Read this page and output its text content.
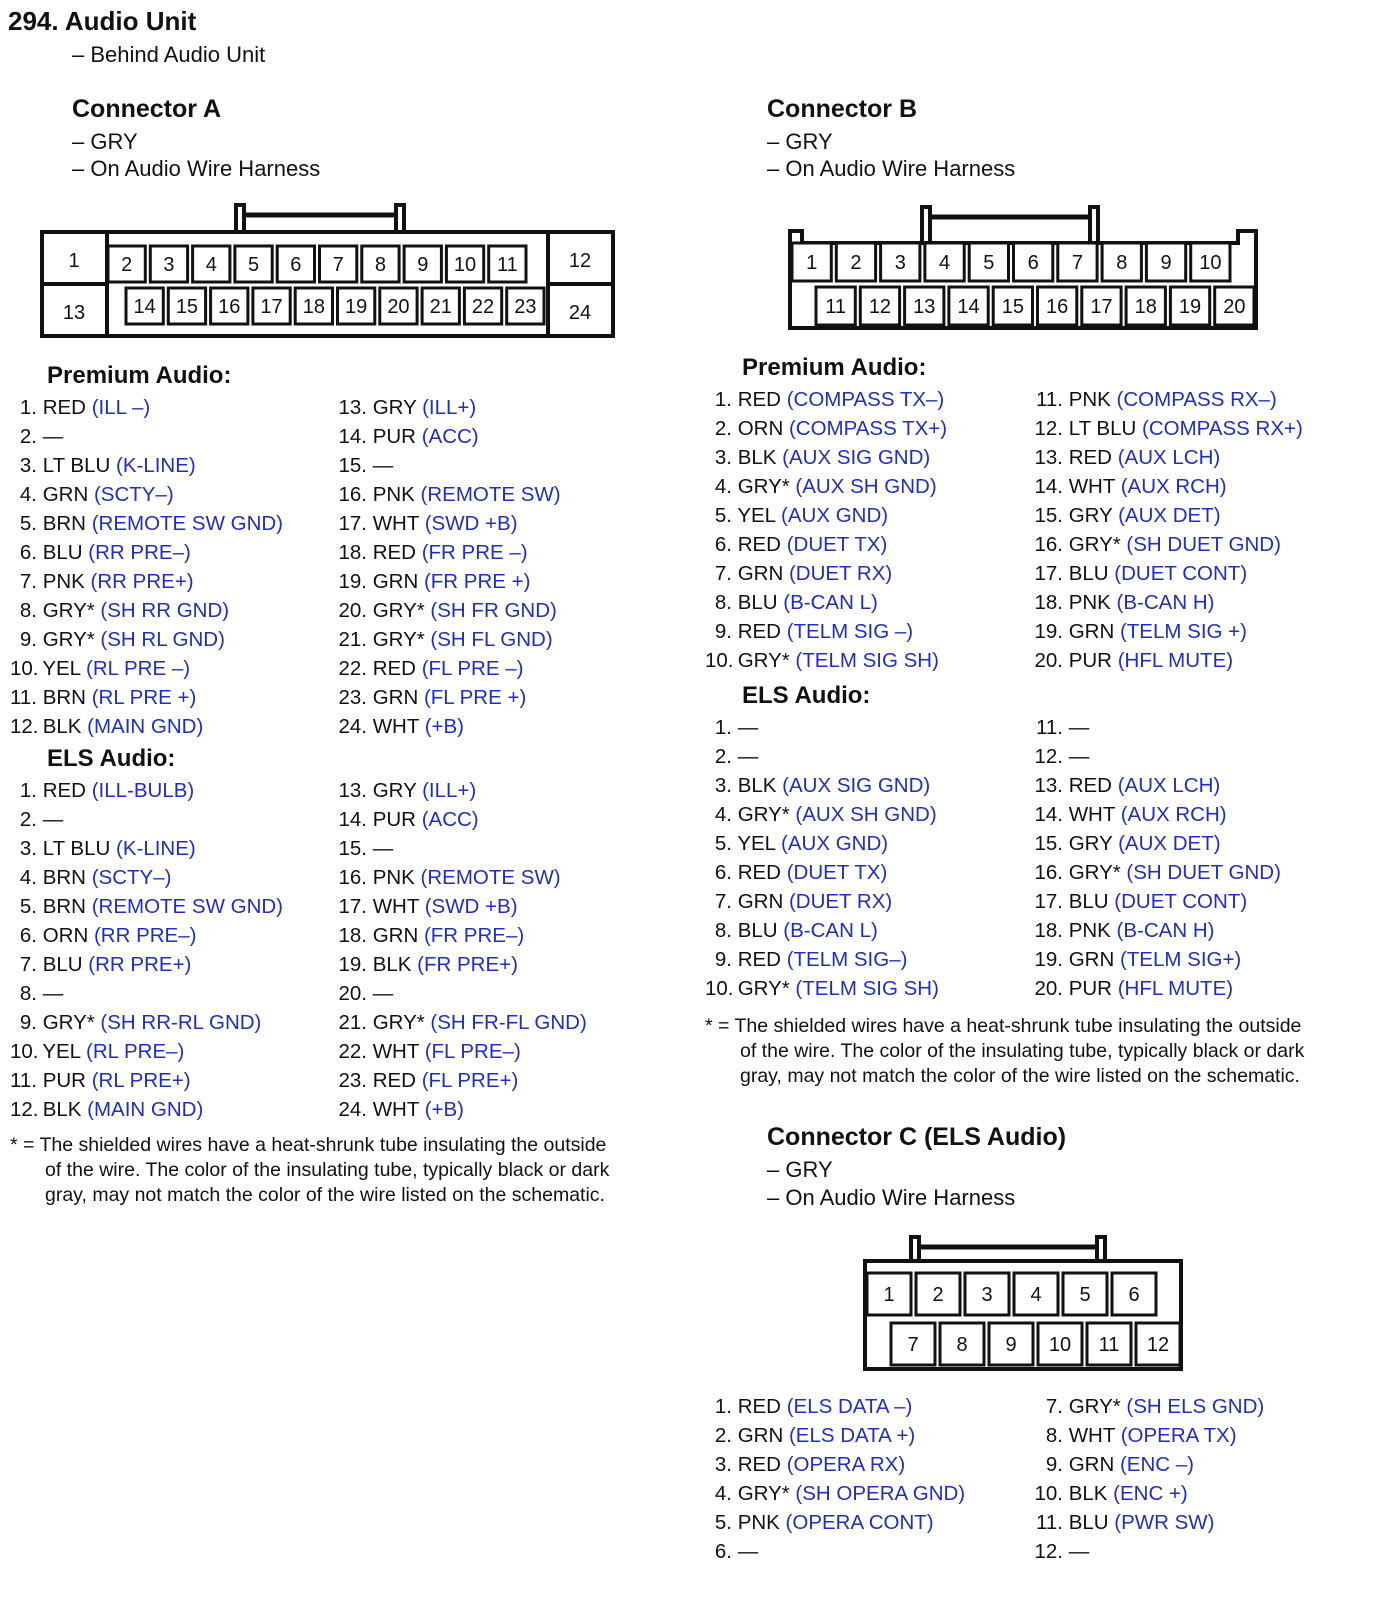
294. Audio Unit
– Behind Audio Unit
Connector A
– GRY
– On Audio Wire Harness
1
13
12
24
2 3 4 5 6 7 8 9 10 11
14 15 16 17 18 19 20 21 22 23
Premium Audio:
1. RED (ILL –)
2. —
3. LT BLU (K-LINE)
4. GRN (SCTY–)
5. BRN (REMOTE SW GND)
6. BLU (RR PRE–)
7. PNK (RR PRE+)
8. GRY* (SH RR GND)
9. GRY* (SH RL GND)
10. YEL (RL PRE –)
11. BRN (RL PRE +)
12. BLK (MAIN GND)
13. GRY (ILL+)
14. PUR (ACC)
15. —
16. PNK (REMOTE SW)
17. WHT (SWD +B)
18. RED (FR PRE –)
19. GRN (FR PRE +)
20. GRY* (SH FR GND)
21. GRY* (SH FL GND)
22. RED (FL PRE –)
23. GRN (FL PRE +)
24. WHT (+B)
ELS Audio:
1. RED (ILL-BULB)
2. —
3. LT BLU (K-LINE)
4. BRN (SCTY–)
5. BRN (REMOTE SW GND)
6. ORN (RR PRE–)
7. BLU (RR PRE+)
8. —
9. GRY* (SH RR-RL GND)
10. YEL (RL PRE–)
11. PUR (RL PRE+)
12. BLK (MAIN GND)
13. GRY (ILL+)
14. PUR (ACC)
15. —
16. PNK (REMOTE SW)
17. WHT (SWD +B)
18. GRN (FR PRE–)
19. BLK (FR PRE+)
20. —
21. GRY* (SH FR-FL GND)
22. WHT (FL PRE–)
23. RED (FL PRE+)
24. WHT (+B)
* = The shielded wires have a heat-shrunk tube insulating the outside
of the wire. The color of the insulating tube, typically black or dark
gray, may not match the color of the wire listed on the schematic.
Connector B
– GRY
– On Audio Wire Harness
1 2 3 4 5 6 7 8 9 10
11 12 13 14 15 16 17 18 19 20
Premium Audio:
1. RED (COMPASS TX–)
2. ORN (COMPASS TX+)
3. BLK (AUX SIG GND)
4. GRY* (AUX SH GND)
5. YEL (AUX GND)
6. RED (DUET TX)
7. GRN (DUET RX)
8. BLU (B-CAN L)
9. RED (TELM SIG –)
10. GRY* (TELM SIG SH)
11. PNK (COMPASS RX–)
12. LT BLU (COMPASS RX+)
13. RED (AUX LCH)
14. WHT (AUX RCH)
15. GRY (AUX DET)
16. GRY* (SH DUET GND)
17. BLU (DUET CONT)
18. PNK (B-CAN H)
19. GRN (TELM SIG +)
20. PUR (HFL MUTE)
ELS Audio:
1. —
2. —
3. BLK (AUX SIG GND)
4. GRY* (AUX SH GND)
5. YEL (AUX GND)
6. RED (DUET TX)
7. GRN (DUET RX)
8. BLU (B-CAN L)
9. RED (TELM SIG–)
10. GRY* (TELM SIG SH)
11. —
12. —
13. RED (AUX LCH)
14. WHT (AUX RCH)
15. GRY (AUX DET)
16. GRY* (SH DUET GND)
17. BLU (DUET CONT)
18. PNK (B-CAN H)
19. GRN (TELM SIG+)
20. PUR (HFL MUTE)
* = The shielded wires have a heat-shrunk tube insulating the outside
of the wire. The color of the insulating tube, typically black or dark
gray, may not match the color of the wire listed on the schematic.
Connector C (ELS Audio)
– GRY
– On Audio Wire Harness
1 2 3 4 5 6
7 8 9 10 11 12
1. RED (ELS DATA –)
2. GRN (ELS DATA +)
3. RED (OPERA RX)
4. GRY* (SH OPERA GND)
5. PNK (OPERA CONT)
6. —
7. GRY* (SH ELS GND)
8. WHT (OPERA TX)
9. GRN (ENC –)
10. BLK (ENC +)
11. BLU (PWR SW)
12. —
